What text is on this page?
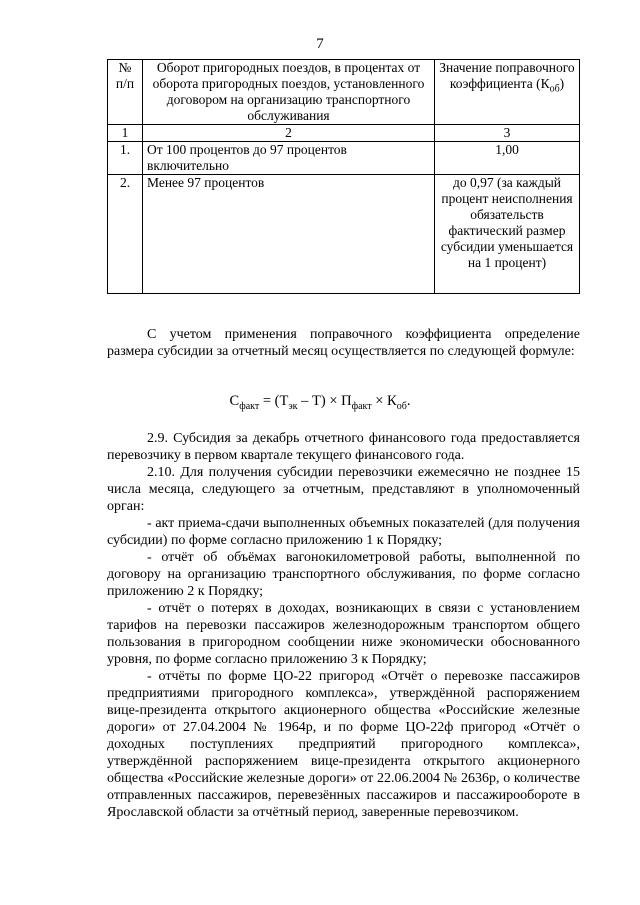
7
№ п/п	Оборот пригородных поездов, в процентах от оборота пригородных поездов, установленного договором на организацию транспортного обслуживания	Значение поправочного коэффициента $(К_{об})$
1	2	3
1.	От 100 процентов до 97 процентов включительно	1,00
2.	Менее 97 процентов	до 0,97 (за каждый процент неисполнения обязательств фактический размер субсидии уменьшается на 1 процент)

С учетом применения поправочного коэффициента определение размера субсидии за отчетный месяц осуществляется по следующей формуле:

$С_{факт} = (Т_{эк} - Т) \times П_{факт} \times К_{об}$.

2.9. Субсидия за декабрь отчетного финансового года предоставляется перевозчику в первом квартале текущего финансового года.

2.10. Для получения субсидии перевозчики ежемесячно не позднее 15 числа месяца, следующего за отчетным, представляют в уполномоченный орган:

- акт приема-сдачи выполненных объемных показателей (для получения субсидии) по форме согласно приложению 1 к Порядку;

- отчёт об объёмах вагонокилометровой работы, выполненной по договору на организацию транспортного обслуживания, по форме согласно приложению 2 к Порядку;

- отчёт о потерях в доходах, возникающих в связи с установлением тарифов на перевозки пассажиров железнодорожным транспортом общего пользования в пригородном сообщении ниже экономически обоснованного уровня, по форме согласно приложению 3 к Порядку;

- отчёты по форме ЦО-22 пригород «Отчёт о перевозке пассажиров предприятиями пригородного комплекса», утверждённой распоряжением вице-президента открытого акционерного общества «Российские железные дороги» от 27.04.2004 № 1964р, и по форме ЦО-22ф пригород «Отчёт о доходных поступлениях предприятий пригородного комплекса», утверждённой распоряжением вице-президента открытого акционерного общества «Российские железные дороги» от 22.06.2004 № 2636р, о количестве отправленных пассажиров, перевезённых пассажиров и пассажирообороте в Ярославской области за отчётный период, заверенные перевозчиком.
